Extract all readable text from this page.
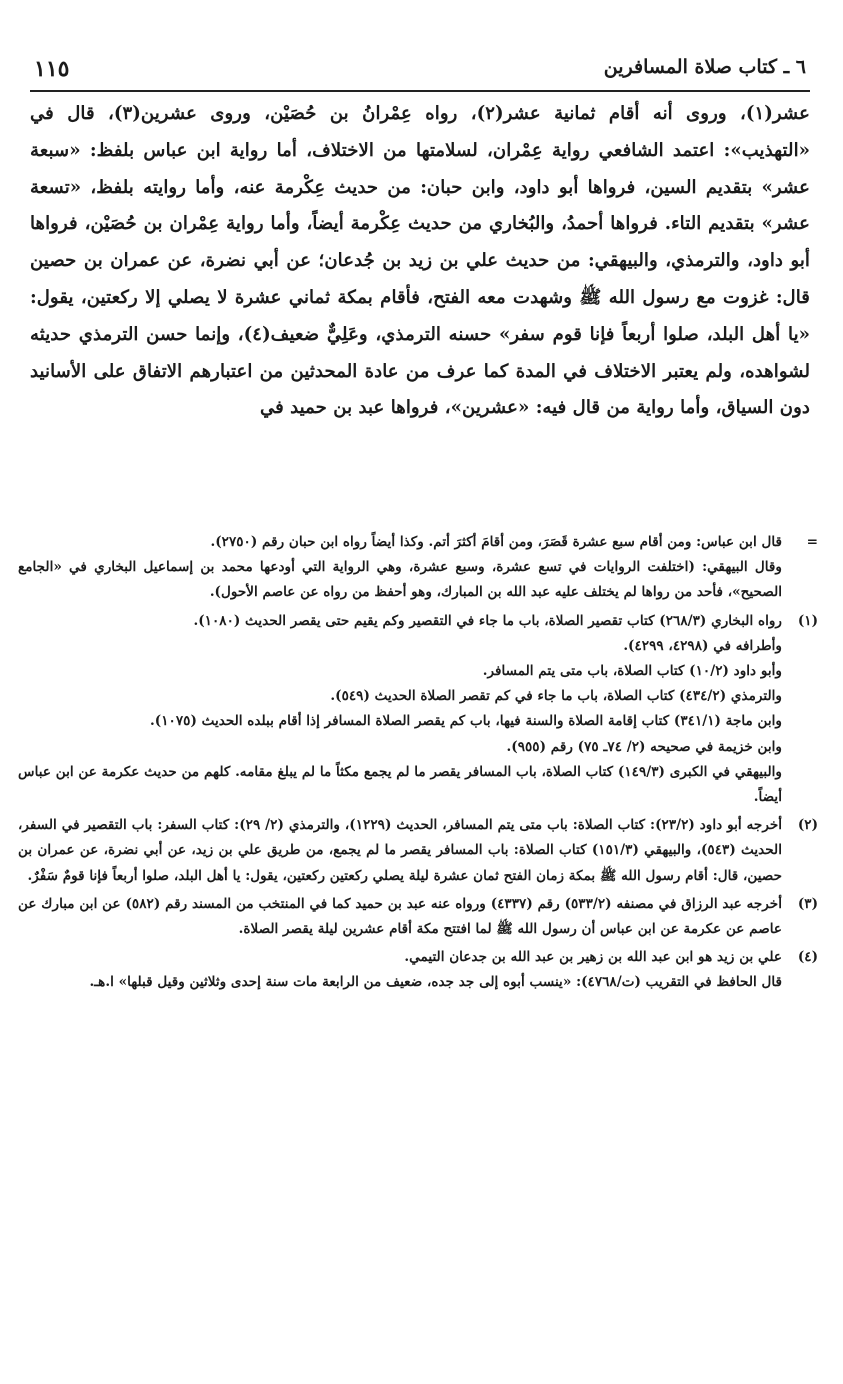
٦ ـ كتاب صلاة المسافرين
١١٥

عشر(١)، وروى أنه أقام ثمانية عشر(٢)، رواه عِمْرانُ بن حُصَيْن، وروى عشرين(٣)، قال في «التهذيب»: اعتمد الشافعي رواية عِمْران، لسلامتها من الاختلاف، أما رواية ابن عباس بلفظ: «سبعة عشر» بتقديم السين، فرواها أبو داود، وابن حبان: من حديث عِكْرمة عنه، وأما روايته بلفظ، «تسعة عشر» بتقديم التاء. فرواها أحمدُ، والبُخاري من حديث عِكْرمة أيضاً، وأما رواية عِمْران بن حُصَيْن، فرواها أبو داود، والترمذي، والبيهقي: من حديث علي بن زيد بن جُدعان؛ عن أبي نضرة، عن عمران بن حصين قال: غزوت مع رسول الله ﷺ وشهدت معه الفتح، فأقام بمكة ثماني عشرة لا يصلي إلا ركعتين، يقول: «يا أهل البلد، صلوا أربعاً فإنا قوم سفر» حسنه الترمذي، وعَلِيٌّ ضعيف(٤)، وإنما حسن الترمذي حديثه لشواهده، ولم يعتبر الاختلاف في المدة كما عرف من عادة المحدثين من اعتبارهم الاتفاق على الأسانيد دون السياق، وأما رواية من قال فيه: «عشرين»، فرواها عبد بن حميد في

=

قال ابن عباس: ومن أقام سبع عشرة قَصَرَ، ومن أقامَ أكثرَ أتم. وكذا أيضاً رواه ابن حبان رقم (٢٧٥٠).

وقال البيهقي: (اختلفت الروايات في تسع عشرة، وسبع عشرة، وهي الرواية التي أودعها محمد بن إسماعيل البخاري في «الجامع الصحيح»، فأحد من رواها لم يختلف عليه عبد الله بن المبارك، وهو أحفظ من رواه عن عاصم الأحول).

(١)

رواه البخاري (٢٦٨/٣) كتاب تقصير الصلاة، باب ما جاء في التقصير وكم يقيم حتى يقصر الحديث (١٠٨٠).

وأطرافه في (٤٢٩٨، ٤٢٩٩).

وأبو داود (١٠/٢) كتاب الصلاة، باب متى يتم المسافر.

والترمذي (٤٣٤/٢) كتاب الصلاة، باب ما جاء في كم تقصر الصلاة الحديث (٥٤٩).

وابن ماجة (٣٤١/١) كتاب إقامة الصلاة والسنة فيها، باب كم يقصر الصلاة المسافر إذا أقام ببلده الحديث (١٠٧٥).

وابن خزيمة في صحيحه (٢/ ٧٤ـ ٧٥) رقم (٩٥٥).

والبيهقي في الكبرى (١٤٩/٣) كتاب الصلاة، باب المسافر يقصر ما لم يجمع مكثاً ما لم يبلغ مقامه. كلهم من حديث عكرمة عن ابن عباس أيضاً.

(٢)

أخرجه أبو داود (٢٣/٢): كتاب الصلاة: باب متى يتم المسافر، الحديث (١٢٢٩)، والترمذي (٢/ ٢٩): كتاب السفر: باب التقصير في السفر، الحديث (٥٤٣)، والبيهقي (١٥١/٣) كتاب الصلاة: باب المسافر يقصر ما لم يجمع، من طريق علي بن زيد، عن أبي نضرة، عن عمران بن حصين، قال: أقام رسول الله ﷺ بمكة زمان الفتح ثمان عشرة ليلة يصلي ركعتين ركعتين، يقول: يا أهل البلد، صلوا أربعاً فإنا قومٌ سَفْرٌ.

(٣)

أخرجه عبد الرزاق في مصنفه (٥٣٣/٢) رقم (٤٣٣٧) ورواه عنه عبد بن حميد كما في المنتخب من المسند رقم (٥٨٢) عن ابن مبارك عن عاصم عن عكرمة عن ابن عباس أن رسول الله ﷺ لما افتتح مكة أقام عشرين ليلة يقصر الصلاة.

(٤)

علي بن زيد هو ابن عبد الله بن زهير بن عبد الله بن جدعان التيمي.

قال الحافظ في التقريب (ت/٤٧٦٨): «ينسب أبوه إلى جد جده، ضعيف من الرابعة مات سنة إحدى وثلاثين وقيل قبلها» ا.هـ.
